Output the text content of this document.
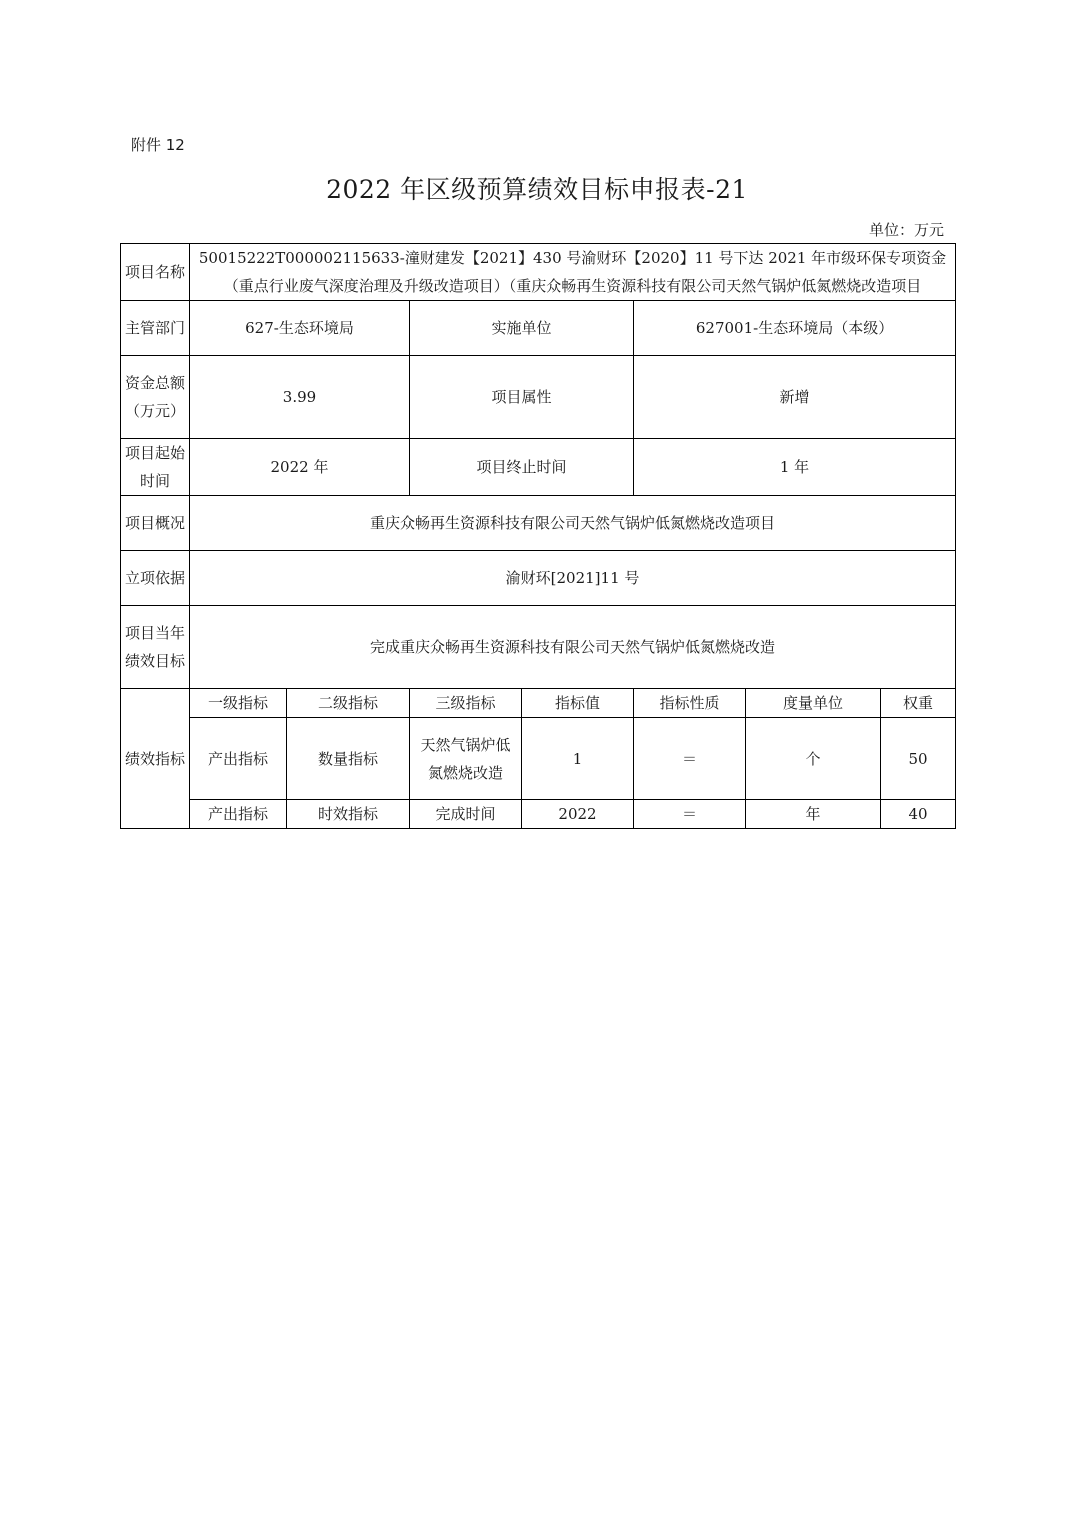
附件 12
2022 年区级预算绩效目标申报表-21
单位：万元
项目名称	50015222T000002115633-潼财建发【2021】430 号渝财环【2020】11 号下达 2021 年市级环保专项资金（重点行业废气深度治理及升级改造项目）（重庆众畅再生资源科技有限公司天然气锅炉低氮燃烧改造项目						
主管部门	627-生态环境局		实施单位		627001-生态环境局（本级）		
资金总额（万元）	3.99		项目属性		新增		
项目起始时间	2022 年		项目终止时间		1 年		
项目概况	重庆众畅再生资源科技有限公司天然气锅炉低氮燃烧改造项目						
立项依据	渝财环[2021]11 号						
项目当年绩效目标	完成重庆众畅再生资源科技有限公司天然气锅炉低氮燃烧改造						
绩效指标	一级指标	二级指标	三级指标	指标值	指标性质	度量单位	权重
	产出指标	数量指标	天然气锅炉低氮燃烧改造	1	＝	个	50
	产出指标	时效指标	完成时间	2022	＝	年	40
